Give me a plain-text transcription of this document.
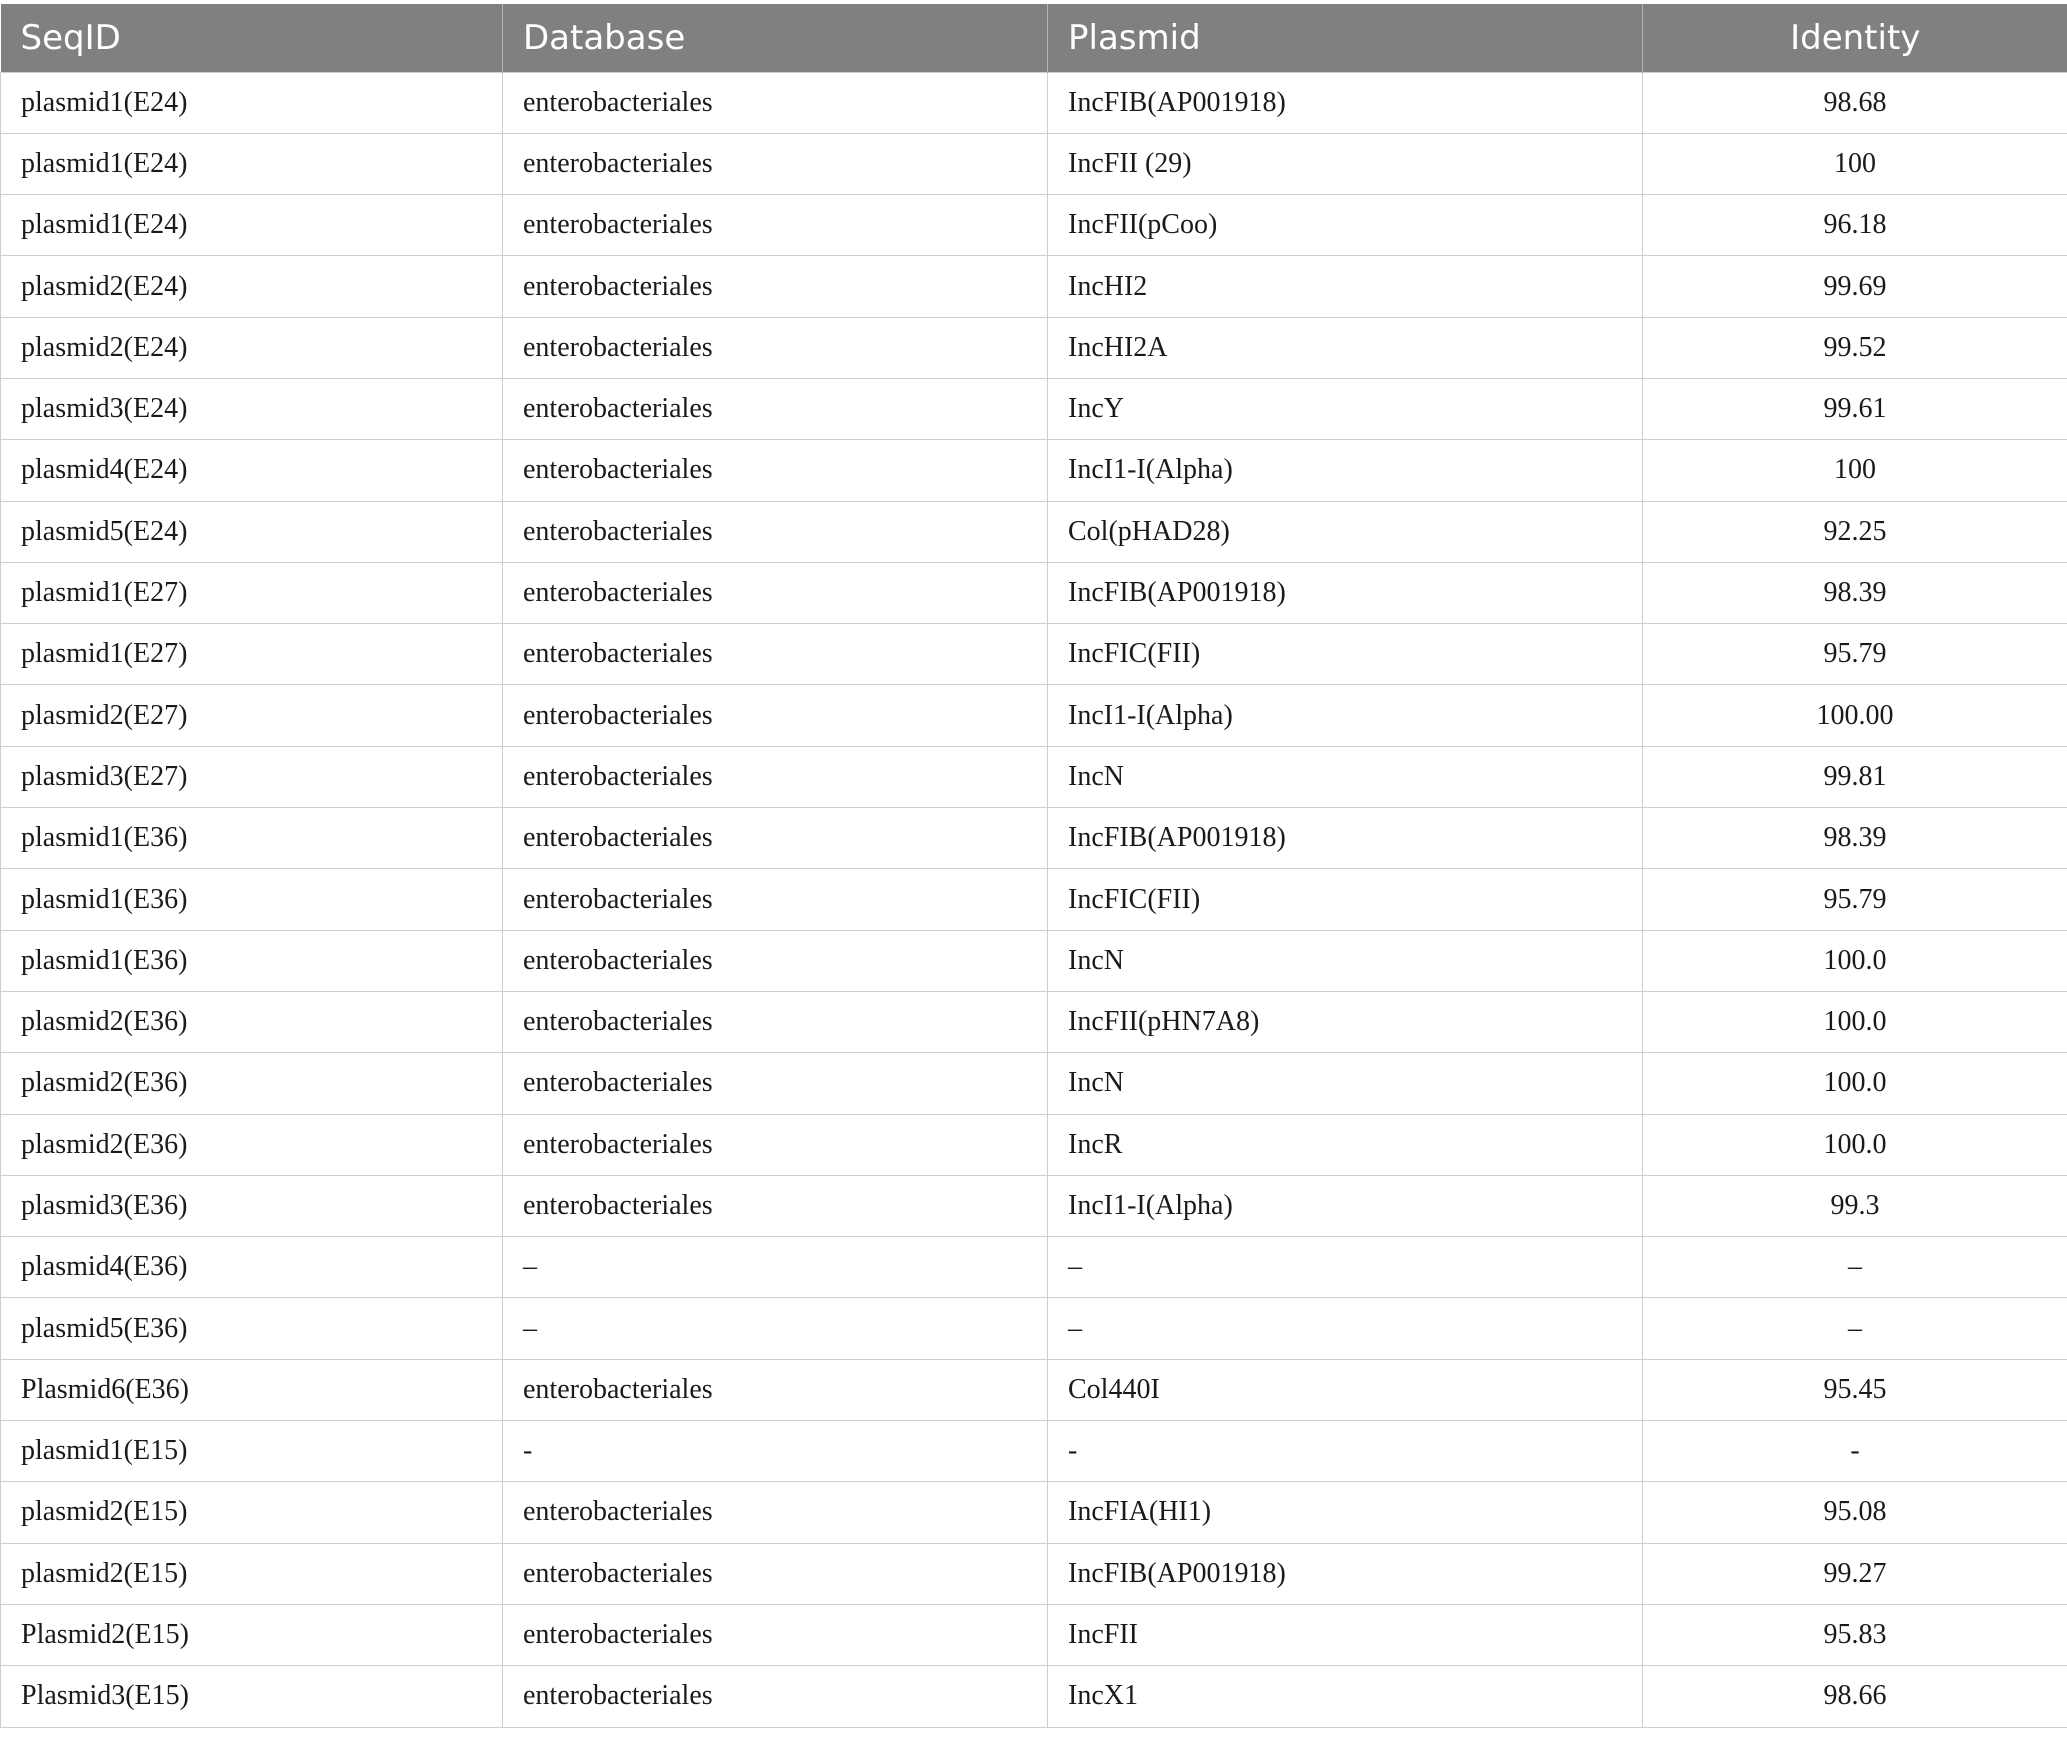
SeqID	Database	Plasmid	Identity
plasmid1(E24)	enterobacteriales	IncFIB(AP001918)	98.68
plasmid1(E24)	enterobacteriales	IncFII (29)	100
plasmid1(E24)	enterobacteriales	IncFII(pCoo)	96.18
plasmid2(E24)	enterobacteriales	IncHI2	99.69
plasmid2(E24)	enterobacteriales	IncHI2A	99.52
plasmid3(E24)	enterobacteriales	IncY	99.61
plasmid4(E24)	enterobacteriales	IncI1-I(Alpha)	100
plasmid5(E24)	enterobacteriales	Col(pHAD28)	92.25
plasmid1(E27)	enterobacteriales	IncFIB(AP001918)	98.39
plasmid1(E27)	enterobacteriales	IncFIC(FII)	95.79
plasmid2(E27)	enterobacteriales	IncI1-I(Alpha)	100.00
plasmid3(E27)	enterobacteriales	IncN	99.81
plasmid1(E36)	enterobacteriales	IncFIB(AP001918)	98.39
plasmid1(E36)	enterobacteriales	IncFIC(FII)	95.79
plasmid1(E36)	enterobacteriales	IncN	100.0
plasmid2(E36)	enterobacteriales	IncFII(pHN7A8)	100.0
plasmid2(E36)	enterobacteriales	IncN	100.0
plasmid2(E36)	enterobacteriales	IncR	100.0
plasmid3(E36)	enterobacteriales	IncI1-I(Alpha)	99.3
plasmid4(E36)	–	–	–
plasmid5(E36)	–	–	–
Plasmid6(E36)	enterobacteriales	Col440I	95.45
plasmid1(E15)	-	-	-
plasmid2(E15)	enterobacteriales	IncFIA(HI1)	95.08
plasmid2(E15)	enterobacteriales	IncFIB(AP001918)	99.27
Plasmid2(E15)	enterobacteriales	IncFII	95.83
Plasmid3(E15)	enterobacteriales	IncX1	98.66
